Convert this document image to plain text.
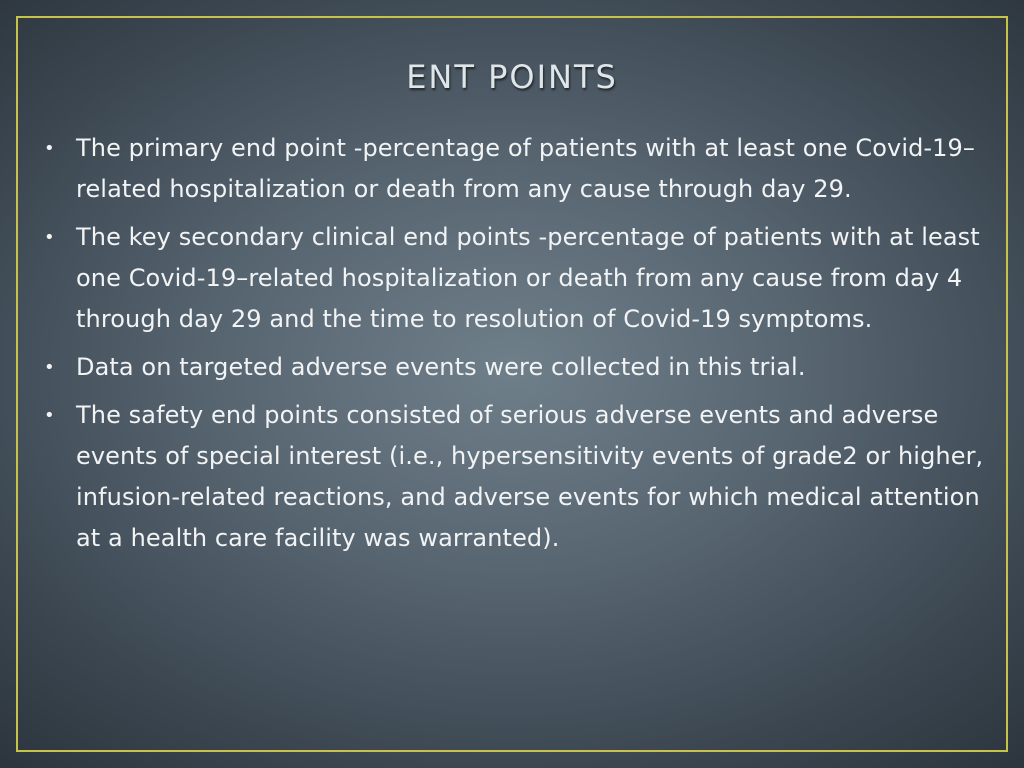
ENT POINTS
• The primary end point -percentage of patients with at least one Covid-19–related hospitalization or death from any cause through day 29.
• The key secondary clinical end points -percentage of patients with at least one Covid-19–related hospitalization or death from any cause from day 4 through day 29 and the time to resolution of Covid-19 symptoms.
• Data on targeted adverse events were collected in this trial.
• The safety end points consisted of serious adverse events and adverse events of special interest (i.e., hypersensitivity events of grade2 or higher, infusion-related reactions, and adverse events for which medical attention at a health care facility was warranted).
